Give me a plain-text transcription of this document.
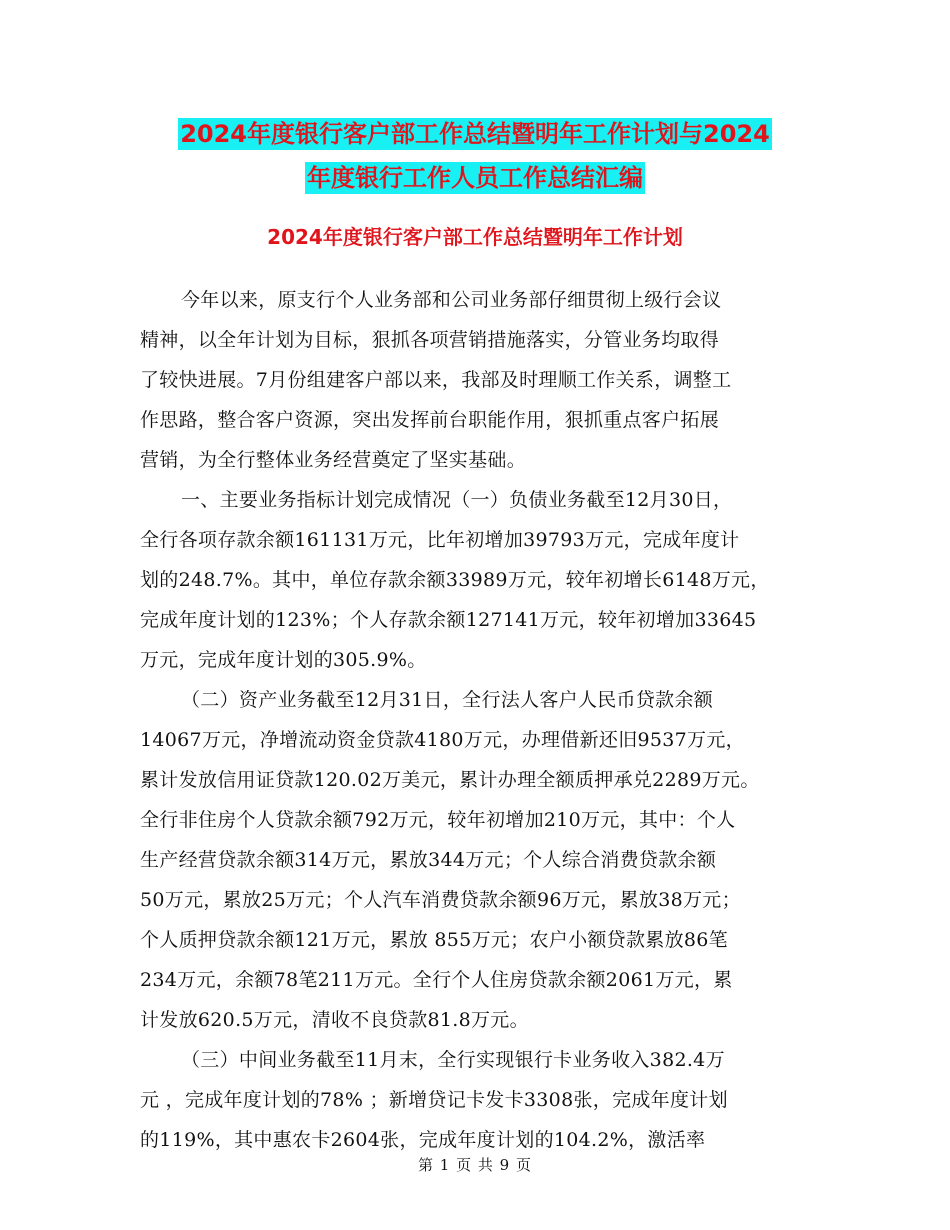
2024年度银行客户部工作总结暨明年工作计划与2024
年度银行工作人员工作总结汇编
2024年度银行客户部工作总结暨明年工作计划
今年以来，原支行个人业务部和公司业务部仔细贯彻上级行会议
精神，以全年计划为目标，狠抓各项营销措施落实，分管业务均取得
了较快进展。7月份组建客户部以来，我部及时理顺工作关系，调整工
作思路，整合客户资源，突出发挥前台职能作用，狠抓重点客户拓展
营销，为全行整体业务经营奠定了坚实基础。
一、主要业务指标计划完成情况（一）负债业务截至12月30日，
全行各项存款余额161131万元，比年初增加39793万元，完成年度计
划的248.7%。其中，单位存款余额33989万元，较年初增长6148万元，
完成年度计划的123%；个人存款余额127141万元，较年初增加33645
万元，完成年度计划的305.9%。
（二）资产业务截至12月31日，全行法人客户人民币贷款余额
14067万元，净增流动资金贷款4180万元，办理借新还旧9537万元，
累计发放信用证贷款120.02万美元，累计办理全额质押承兑2289万元。
全行非住房个人贷款余额792万元，较年初增加210万元，其中：个人
生产经营贷款余额314万元，累放344万元；个人综合消费贷款余额
50万元，累放25万元；个人汽车消费贷款余额96万元，累放38万元；
个人质押贷款余额121万元，累放 855万元；农户小额贷款累放86笔
234万元，余额78笔211万元。全行个人住房贷款余额2061万元，累
计发放620.5万元，清收不良贷款81.8万元。
（三）中间业务截至11月末，全行实现银行卡业务收入382.4万
元 ，完成年度计划的78% ；新增贷记卡发卡3308张，完成年度计划
的119%，其中惠农卡2604张，完成年度计划的104.2%，激活率
第 1 页 共 9 页
